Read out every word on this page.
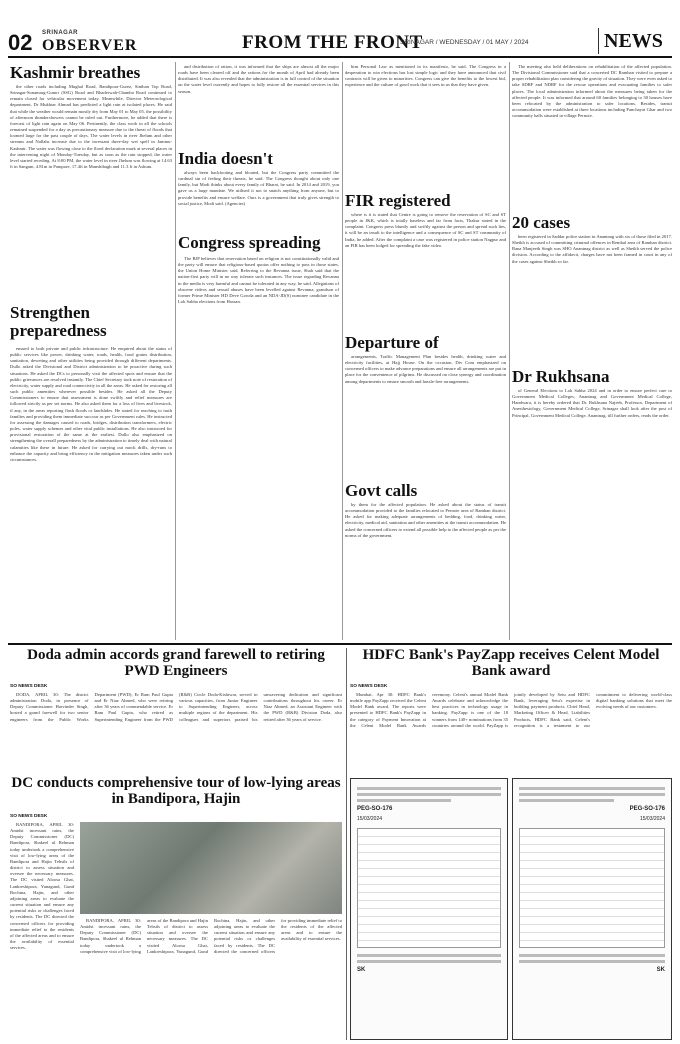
02 SRINAGAR
OBSERVER	FROM THE FRONT
SRINAGAR / WEDNESDAY / 01 MAY / 2024	NEWS
Kashmir breathes

the other roads including Mughal Road, Bandipora-Gurez, Sinthan Top Road, Srinagar-Sonamarg-Gumri (SSG) Road and Bhaderwah-Chamba Road continued to remain closed for vehicular movement today. Meanwhile, Director Meteorological department, Dr Mukhtar Ahmad has predicted a light rain at isolated places. He said that while the weather would remain mostly dry from May 01 to May 05, the possibility of afternoon thundershowers cannot be ruled out. Furthermore, he added that there is forecast of light rain again on May 06. Pertinently, the class work in all the schools remained suspended for a day as precautionary measure due to the threat of floods that loomed large for the past couple of days. The water levels in river Jhelum and other streams and Nallahs increase due to the incessant three-day wet spell in Jammu-Kashmir. The water was flowing close to the flood declaration mark at several places in the intervening night of Monday-Tuesday, but as soon as the rain stopped, the water level started receding. At 8:00 PM, the water level in river Jhelum was flowing at 14.63 ft in Sangam, 4.81m in Pampore, 17.4ft in Munshibagh and 11.3 ft in Ashum.

Strengthen preparedness

ensued to both private and public infrastructure. He enquired about the status of public services like power, drinking water, roads, health, food grains distribution, sanitation, deweting and other utilities being provided through different departments. Dullo asked the Divisional and District administration to be proactive during such situations. He asked the DCs to personally visit the affected spots and ensure that the public grievances are resolved instantly. The Chief Secretary took note of restoration of electricity, water supply and road connectivity in all the areas. He asked for restoring all such public amenities wherever possible besides. He asked all the Deputy Commissioners to ensure that assessment is done swiftly and relief measures are followed strictly as per set norms. He also asked them for a loss of lives and livestock, if any, in the areas reporting flash floods or landslides. He stated for reaching to truth families and providing them immediate succour as per Government rules. He instructed for assessing the damages caused to roads, bridges, distribution transformers, electric poles, water supply schemes and other vital public installations. He also instructed for provisional restoration of the same at the earliest. Dullo also emphasized on strengthening the overall preparedness by the administration to timely deal with natural calamities like these in future. He asked for carrying out mock drills, dry-runs to enhance the capacity and bring efficiency in the mitigation measures taken under such circumstances.

and distribution of ration, it was informed that the ships are almost all the major roads have been cleared off and the rations for the month of April had already been distributed. It was also revealed that the administration is in full control of the situation on the water level currently and hopes to fully restore all the essential services in this season.

India doesn't

always been backfooting and bloated, but the Congress party committed the cardinal sin of feeling their threats, he said. The Congress thought about only one family, but Modi thinks about every family of Bharat, he said. In 2014 and 2019, you gave us a large mandate. We utilised it not to snatch anything from anyone, but to provide benefits and ensure welfare. Ours is a government that truly gives strength to social justice, Modi said. (Agencies)

Congress spreading

The BJP believes that reservation based on religion is not constitutionally valid and the party will ensure that religious-based quotas offer nothing to pass in those states, the Union Home Minister said. Referring to the Revanna issue, Shah said that the nation-first party will in no way tolerate such instances. The issue regarding Revanna in the media is very harmful and cannot be tolerated in any way, he said. Allegations of obscene videos and sexual abuses have been levelled against Revanna, grandson of former Prime Minister HD Deve Gowda and an NDA-JD(S) nominee candidate in the Lok Sabha elections from Hassan.

him Personal Law as mentioned in its manifesto, he said. The Congress in a desperation to win elections has lost simple logic and they have announced that civil contracts will be given to minorities. Congress can give the benefits to the lowest bid, experience and the culture of good work that it sees in us that they have given.

FIR registered

where is it is stated that Centre is going to remove the reservation of SC and ST people in J&K, which is totally baseless and far from facts, Thakur stated in the complaint. Congress press bluntly and swiftly against the person and spread such lies, it will be an insult to the intelligence and a consequence of SC and ST community of India, he added. After the complaint a case was registered in police station Nagpur and an FIR has been lodged for spreading the fake video.

Departure of

arrangements, Traffic Management Plan besides health, drinking water and electricity facilities, at Hajj House. On the occasion, Div Com emphasized on concerned officers to make advance preparations and ensure all arrangements are put in place for the convenience of pilgrims. He discussed on close synergy and coordination among departments to ensure smooth and hassle-free arrangements.

Govt calls

by them for the affected population. He asked about the status of transit accommodation provided to the families relocated to Pernote area of Ramban district. He asked for making adequate arrangements of bedding, food, drinking water, electricity, medical aid, sanitation and other amenities at the transit accommodation. He asked the concerned officers to extend all possible help to the affected people as per the norms of the government.

The meeting also held deliberations on rehabilitation of the affected population. The Divisional Commissioner said that a concerted DC Ramban visited to prepare a proper rehabilitation plan considering the gravity of situation. They were even asked to take SDRF and NDRF for the rescue operations and evacuating families to safer places. The local administration informed about the measures being taken for the affected people. It was informed that around 60 families belonging to 30 houses have been relocated by the administration to safer locations. Besides, transit accommodation were established at three locations including Panchayat Ghar and two community halls situated in village Pernote.

20 cases

been registered in Saddar police station in Anantnag with six of those filed in 2017. Sheikh is accused of committing criminal offences in Rembal area of Ramban district. Rana Manjeeth Singh was SHO Anantnag district as well as Sheikh served the police division. According to the affidavit, charges have not been framed in court in any of the cases against Sheikh so far.

Dr Rukhsana

of General Elections to Lok Sabha 2024 and in order to ensure perfect care to Government Medical Colleges, Anantnag and Government Medical College, Handwara, it is hereby ordered that Dr. Rukhsana Najeeb, Professor, Department of Anesthesiology, Government Medical College, Srinagar shall look after the post of Principal, Government Medical College, Anantnag, till further orders, reads the order.

Doda admin accords grand farewell to retiring PWD Engineers
SO NEWS DESK

DODA, APRIL 30: The district administration Doda, in presence of Deputy Commissioner Harvinder Singh, hosted a grand farewell for two senior engineers from the Public Works Department (PWD), Er Ram Paul Gupta and Er Niaz Ahmed, who were retiring after 36 years of commendable service. Er Ram Paul Gupta, who retired as Superintending Engineer from the PWD (R&B) Circle Doda-Kishtwar, served in various capacities, from Junior Engineer to Superintending Engineer, across multiple regions of the department. His colleagues and superiors praised his unwavering dedication and significant contributions throughout his career. Er Niaz Ahmed, an Assistant Engineer with the PWD (R&B) Division Doda, also retired after 36 years of service.

DC conducts comprehensive tour of low-lying areas in Bandipora, Hajin
SO NEWS DESK

BANDIPORA, APRIL 30: Amidst incessant rains, the Deputy Commissioner (DC) Bandipora, Shakeel ul Rehman today undertook a comprehensive visit of low-lying areas of the Bandipora and Hajin Tehsils of district to assess situation and oversee the necessary measures. The DC visited Aloosa Ghat, Lankreshipora, Yunagund, Gund Bochina, Hajin, and other adjoining areas to evaluate the current situation and ensure any potential risks or challenges faced by residents. The DC directed the concerned officers for providing immediate relief to the residents of the affected areas and to ensure the availability of essential services.

BANDIPORA, APRIL 30: Amidst incessant rains, the Deputy Commissioner (DC) Bandipora, Shakeel ul Rehman today undertook a comprehensive visit of low-lying areas of the Bandipora and Hajin Tehsils of district to assess situation and oversee the necessary measures. The DC visited Aloosa Ghat, Lankreshipora, Yunagund, Gund Bochina, Hajin, and other adjoining areas to evaluate the current situation and ensure any potential risks or challenges faced by residents. The DC directed the concerned officers for providing immediate relief to the residents of the affected areas and to ensure the availability of essential services.

HDFC Bank's PayZapp receives Celent Model Bank award
SO NEWS DESK

Mumbai, Apr 30: HDFC Bank's mobile app PayZapp received the Celent Model Bank award. The reports were presented to HDFC Bank's PayZapp in the category of Payment Innovation at the Celent Model Bank Awards ceremony. Celent's annual Model Bank Awards celebrate and acknowledge the best practices in technology usage in banking. PayZapp is one of the 18 winners from 140+ nominations from 35 countries around the world. PayZapp is jointly developed by Setu and HDFC Bank, leveraging Setu's expertise in building payment products. Chief Head, Marketing Officer & Head, Liabilities Products, HDFC Bank said, Celent's recognition is a testament to our commitment to delivering world-class digital banking solutions that meet the evolving needs of our customers.

PEG-SO-176
15/03/2024
SK
PEG-SO-176
15/03/2024
SK
